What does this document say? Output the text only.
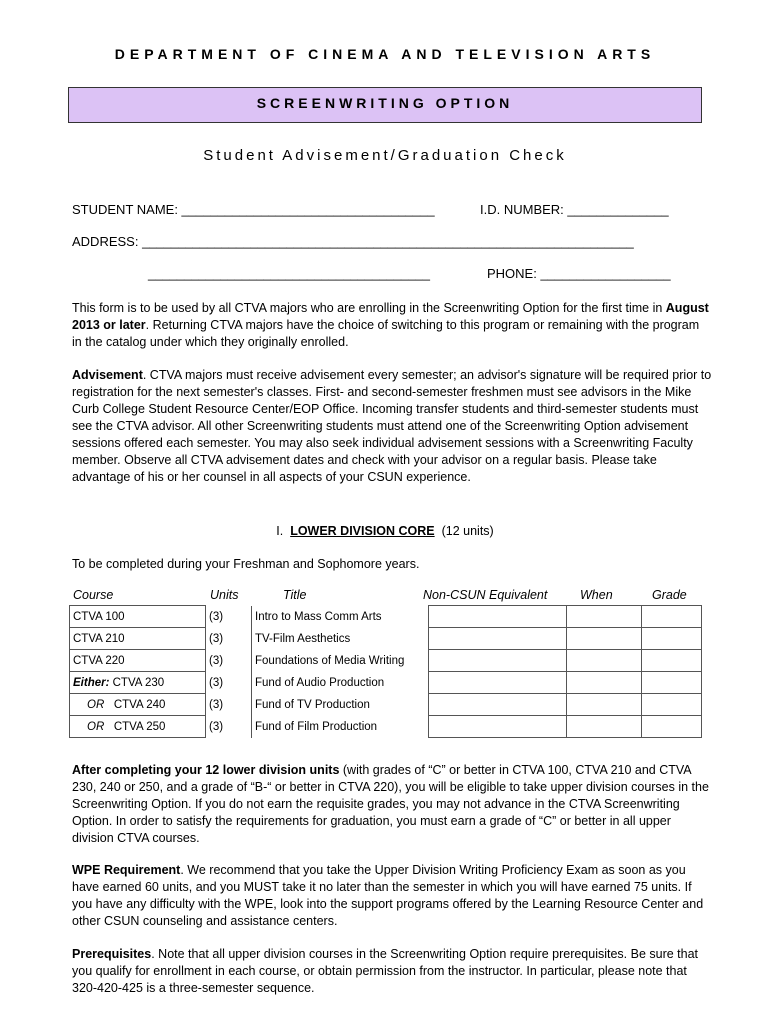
DEPARTMENT OF CINEMA AND TELEVISION ARTS
SCREENWRITING OPTION
Student Advisement/Graduation Check
STUDENT NAME: ___________________________________	I.D. NUMBER: ______________
ADDRESS: ____________________________________________________________________
_______________________________________	PHONE: __________________
This form is to be used by all CTVA majors who are enrolling in the Screenwriting Option for the first time in August 2013 or later. Returning CTVA majors have the choice of switching to this program or remaining with the program in the catalog under which they originally enrolled.
Advisement. CTVA majors must receive advisement every semester; an advisor's signature will be required prior to registration for the next semester's classes. First- and second-semester freshmen must see advisors in the Mike Curb College Student Resource Center/EOP Office. Incoming transfer students and third-semester students must see the CTVA advisor. All other Screenwriting students must attend one of the Screenwriting Option advisement sessions offered each semester. You may also seek individual advisement sessions with a Screenwriting Faculty member. Observe all CTVA advisement dates and check with your advisor on a regular basis. Please take advantage of his or her counsel in all aspects of your CSUN experience.
I. LOWER DIVISION CORE (12 units)
To be completed during your Freshman and Sophomore years.
Course	Units	Title	Non-CSUN Equivalent	When	Grade
CTVA 100	(3)	Intro to Mass Comm Arts			
CTVA 210	(3)	TV-Film Aesthetics			
CTVA 220	(3)	Foundations of Media Writing			
Either: CTVA 230	(3)	Fund of Audio Production			
OR CTVA 240	(3)	Fund of TV Production			
OR CTVA 250	(3)	Fund of Film Production			
After completing your 12 lower division units (with grades of “C” or better in CTVA 100, CTVA 210 and CTVA 230, 240 or 250, and a grade of “B-“ or better in CTVA 220), you will be eligible to take upper division courses in the Screenwriting Option. If you do not earn the requisite grades, you may not advance in the CTVA Screenwriting Option. In order to satisfy the requirements for graduation, you must earn a grade of “C” or better in all upper division CTVA courses.
WPE Requirement. We recommend that you take the Upper Division Writing Proficiency Exam as soon as you have earned 60 units, and you MUST take it no later than the semester in which you will have earned 75 units. If you have any difficulty with the WPE, look into the support programs offered by the Learning Resource Center and other CSUN counseling and assistance centers.
Prerequisites. Note that all upper division courses in the Screenwriting Option require prerequisites. Be sure that you qualify for enrollment in each course, or obtain permission from the instructor. In particular, please note that 320-420-425 is a three-semester sequence.
